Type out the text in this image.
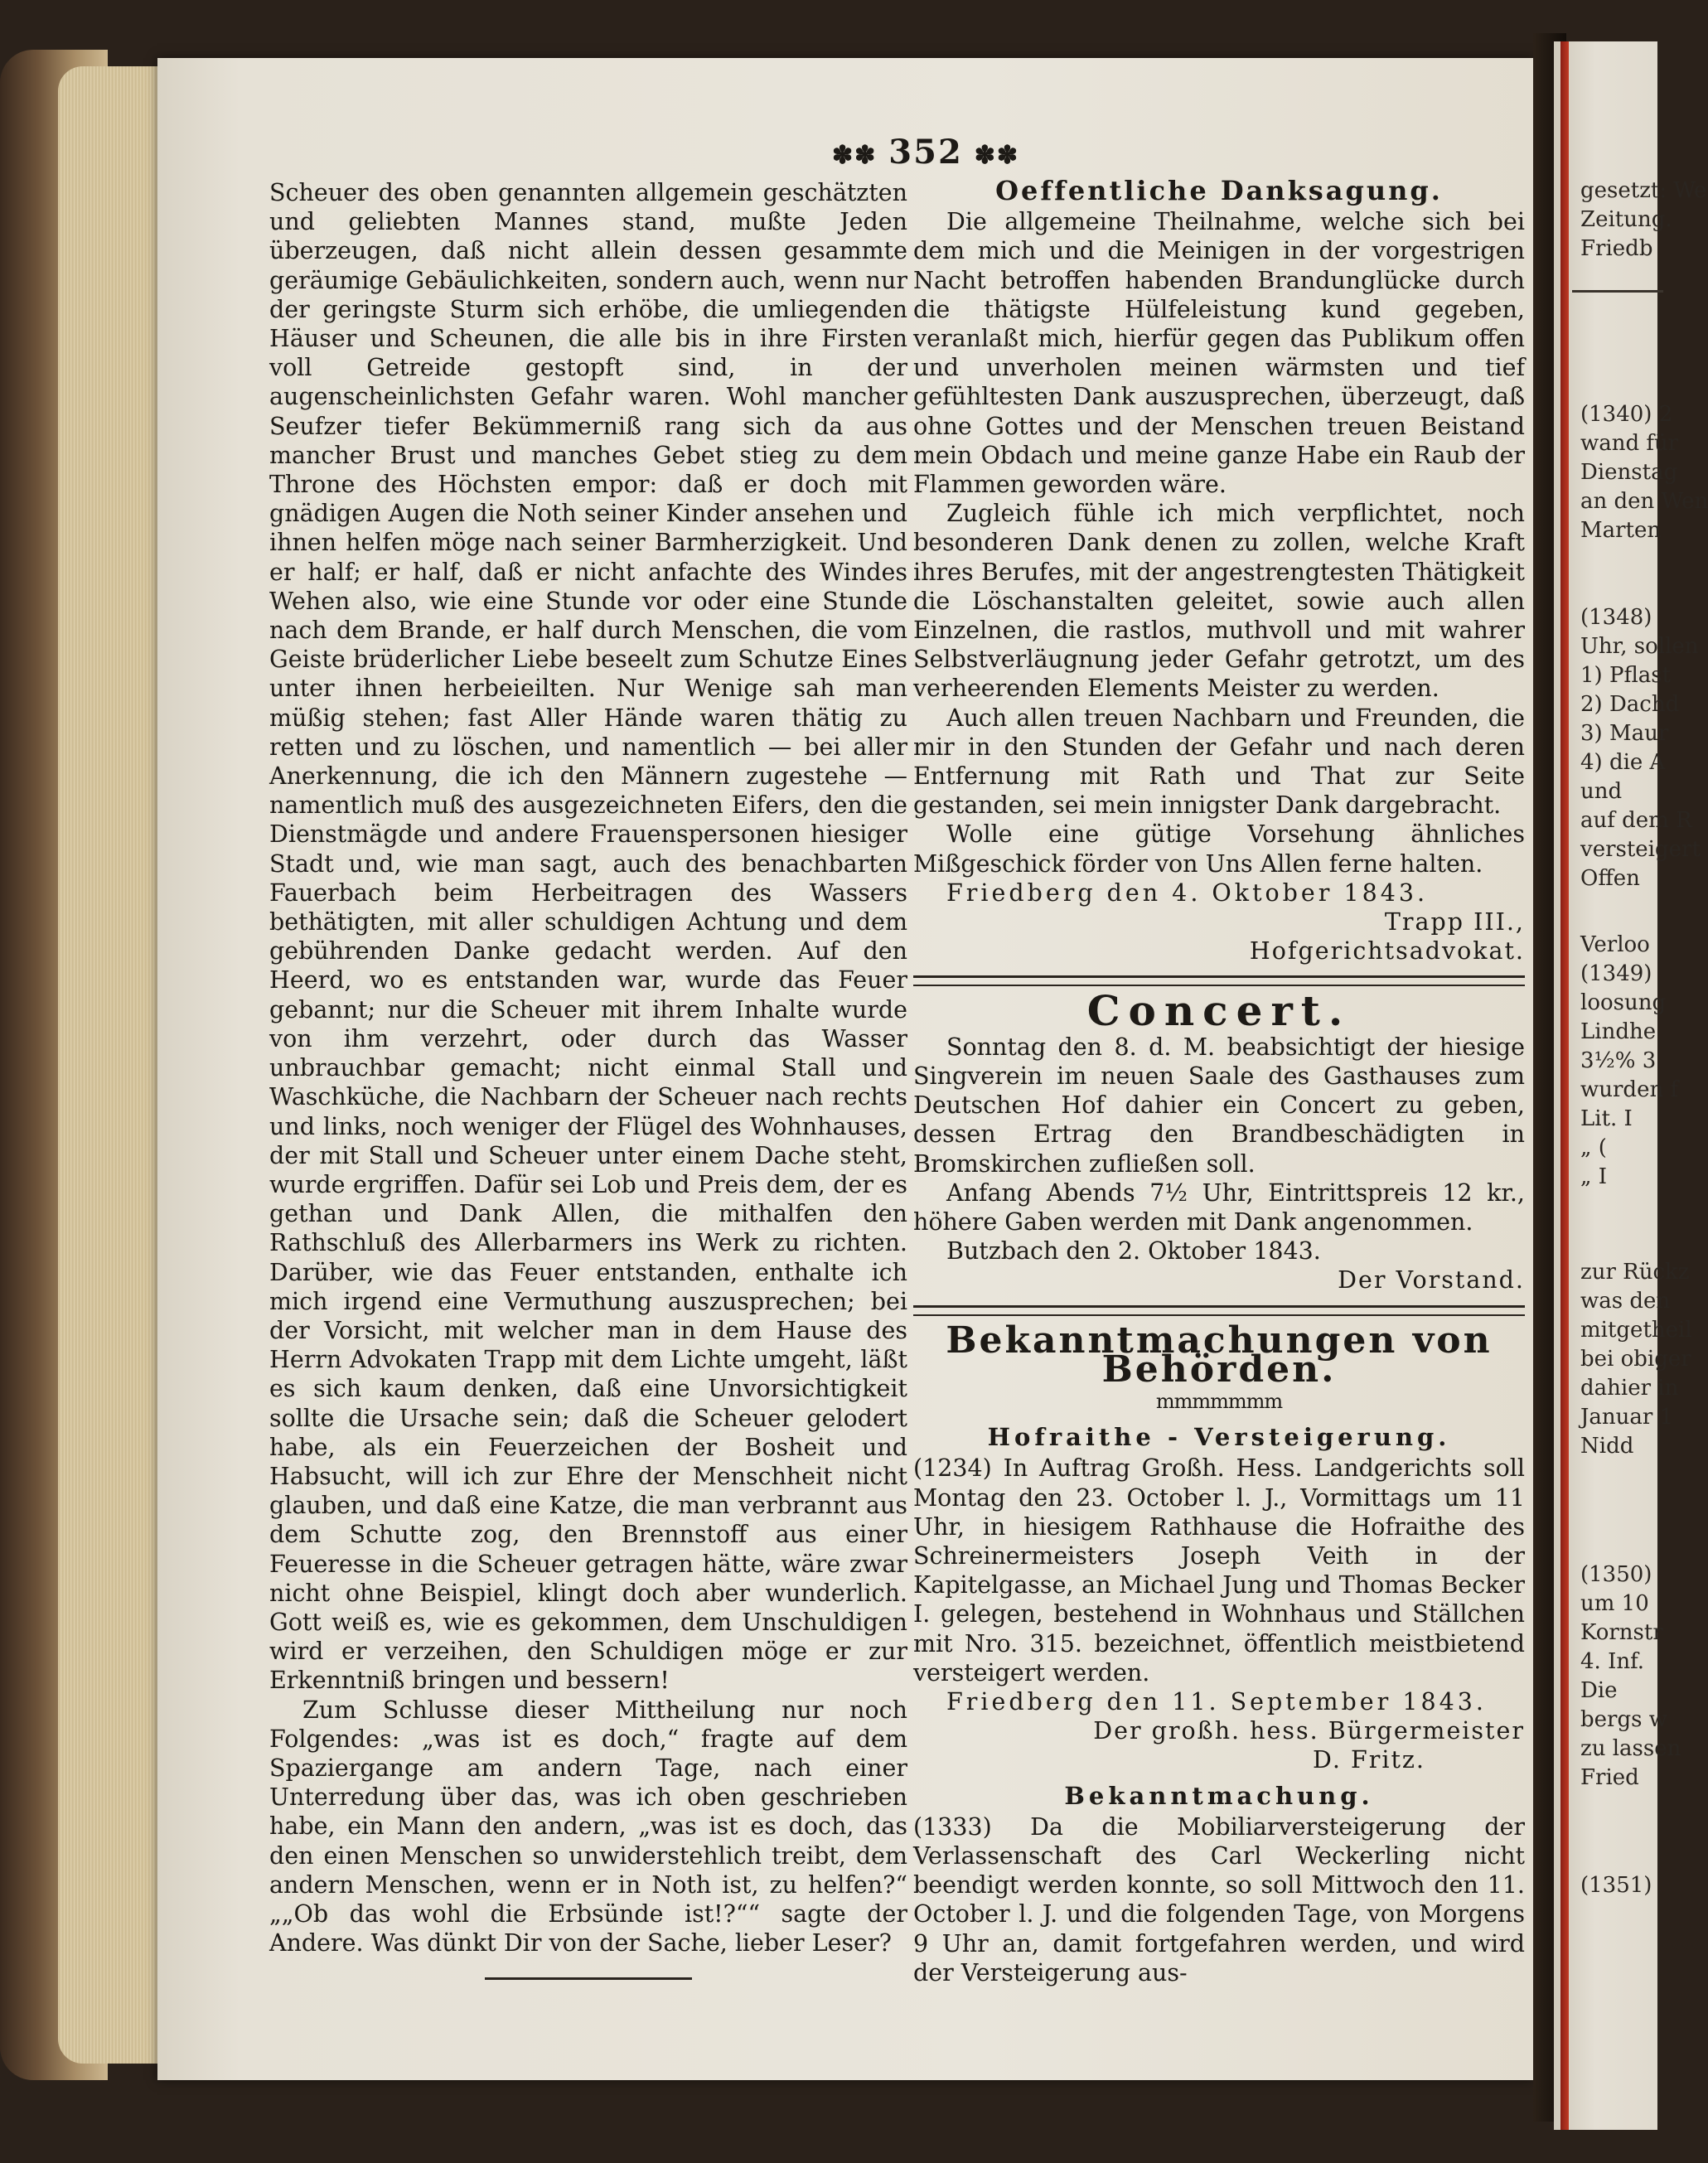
gesetzt: We
Zeitung.
Friedb
(1340) 2
wand für
Dienstag
an den Wen
Marten
(1348)
Uhr, sollen
1) Pflast
2) Dachd
3) Maur
4) die A
und
auf dem R
versteigert
Offen
Verloo
(1349)
loosung
Lindhe
3½% 3
wurden f
Lit. I
„ (
„ I
zur Rückz
was den
mitgetheil
bei obiger
dahier in
Januar 1
Nidd
(1350)
um 10
Kornstr
4. Inf.
Die
bergs w
zu lassen
Fried
(1351)
✽✽ 352 ✽✽

Scheuer des oben genannten allgemein geschätzten und geliebten Mannes stand, mußte Jeden überzeugen, daß nicht allein dessen gesammte geräumige Gebäulichkeiten, sondern auch, wenn nur der geringste Sturm sich erhöbe, die umliegenden Häuser und Scheunen, die alle bis in ihre Firsten voll Getreide gestopft sind, in der augenscheinlichsten Gefahr waren. Wohl mancher Seufzer tiefer Bekümmerniß rang sich da aus mancher Brust und manches Gebet stieg zu dem Throne des Höchsten empor: daß er doch mit gnädigen Augen die Noth seiner Kinder ansehen und ihnen helfen möge nach seiner Barmherzigkeit. Und er half; er half, daß er nicht anfachte des Windes Wehen also, wie eine Stunde vor oder eine Stunde nach dem Brande, er half durch Menschen, die vom Geiste brüderlicher Liebe beseelt zum Schutze Eines unter ihnen herbeieilten. Nur Wenige sah man müßig stehen; fast Aller Hände waren thätig zu retten und zu löschen, und namentlich — bei aller Anerkennung, die ich den Männern zugestehe — namentlich muß des ausgezeichneten Eifers, den die Dienstmägde und andere Frauenspersonen hiesiger Stadt und, wie man sagt, auch des benachbarten Fauerbach beim Herbeitragen des Wassers bethätigten, mit aller schuldigen Achtung und dem gebührenden Danke gedacht werden. Auf den Heerd, wo es entstanden war, wurde das Feuer gebannt; nur die Scheuer mit ihrem Inhalte wurde von ihm verzehrt, oder durch das Wasser unbrauchbar gemacht; nicht einmal Stall und Waschküche, die Nachbarn der Scheuer nach rechts und links, noch weniger der Flügel des Wohnhauses, der mit Stall und Scheuer unter einem Dache steht, wurde ergriffen. Dafür sei Lob und Preis dem, der es gethan und Dank Allen, die mithalfen den Rathschluß des Allerbarmers ins Werk zu richten. Darüber, wie das Feuer entstanden, enthalte ich mich irgend eine Vermuthung auszusprechen; bei der Vorsicht, mit welcher man in dem Hause des Herrn Advokaten Trapp mit dem Lichte umgeht, läßt es sich kaum denken, daß eine Unvorsichtigkeit sollte die Ursache sein; daß die Scheuer gelodert habe, als ein Feuerzeichen der Bosheit und Habsucht, will ich zur Ehre der Menschheit nicht glauben, und daß eine Katze, die man verbrannt aus dem Schutte zog, den Brennstoff aus einer Feueresse in die Scheuer getragen hätte, wäre zwar nicht ohne Beispiel, klingt doch aber wunderlich. Gott weiß es, wie es gekommen, dem Unschuldigen wird er verzeihen, den Schuldigen möge er zur Erkenntniß bringen und bessern!

Zum Schlusse dieser Mittheilung nur noch Folgendes: „was ist es doch,“ fragte auf dem Spaziergange am andern Tage, nach einer Unterredung über das, was ich oben geschrieben habe, ein Mann den andern, „was ist es doch, das den einen Menschen so unwiderstehlich treibt, dem andern Menschen, wenn er in Noth ist, zu helfen?“ „„Ob das wohl die Erbsünde ist!?““ sagte der Andere. Was dünkt Dir von der Sache, lieber Leser?

Oeffentliche Danksagung.

Die allgemeine Theilnahme, welche sich bei dem mich und die Meinigen in der vorgestrigen Nacht betroffen habenden Brandunglücke durch die thätigste Hülfeleistung kund gegeben, veranlaßt mich, hierfür gegen das Publikum offen und unverholen meinen wärmsten und tief gefühltesten Dank auszusprechen, überzeugt, daß ohne Gottes und der Menschen treuen Beistand mein Obdach und meine ganze Habe ein Raub der Flammen geworden wäre.

Zugleich fühle ich mich verpflichtet, noch besonderen Dank denen zu zollen, welche Kraft ihres Berufes, mit der angestrengtesten Thätigkeit die Löschanstalten geleitet, sowie auch allen Einzelnen, die rastlos, muthvoll und mit wahrer Selbstverläugnung jeder Gefahr getrotzt, um des verheerenden Elements Meister zu werden.

Auch allen treuen Nachbarn und Freunden, die mir in den Stunden der Gefahr und nach deren Entfernung mit Rath und That zur Seite gestanden, sei mein innigster Dank dargebracht.

Wolle eine gütige Vorsehung ähnliches Mißgeschick förder von Uns Allen ferne halten.

Friedberg den 4. Oktober 1843.

Trapp III.,

Hofgerichtsadvokat.

Concert.

Sonntag den 8. d. M. beabsichtigt der hiesige Singverein im neuen Saale des Gasthauses zum Deutschen Hof dahier ein Concert zu geben, dessen Ertrag den Brandbeschädigten in Bromskirchen zufließen soll.

Anfang Abends 7½ Uhr, Eintrittspreis 12 kr., höhere Gaben werden mit Dank angenommen.

Butzbach den 2. Oktober 1843.

Der Vorstand.

Bekanntmachungen von Behörden.
mmmmmmm
Hofraithe - Versteigerung.

(1234) In Auftrag Großh. Hess. Landgerichts soll Montag den 23. October l. J., Vormittags um 11 Uhr, in hiesigem Rathhause die Hofraithe des Schreinermeisters Joseph Veith in der Kapitelgasse, an Michael Jung und Thomas Becker I. gelegen, bestehend in Wohnhaus und Ställchen mit Nro. 315. bezeichnet, öffentlich meistbietend versteigert werden.

Friedberg den 11. September 1843.

Der großh. hess. Bürgermeister

D. Fritz.

Bekanntmachung.

(1333) Da die Mobiliarversteigerung der Verlassenschaft des Carl Weckerling nicht beendigt werden konnte, so soll Mittwoch den 11. October l. J. und die folgenden Tage, von Morgens 9 Uhr an, damit fortgefahren werden, und wird der Versteigerung aus-
